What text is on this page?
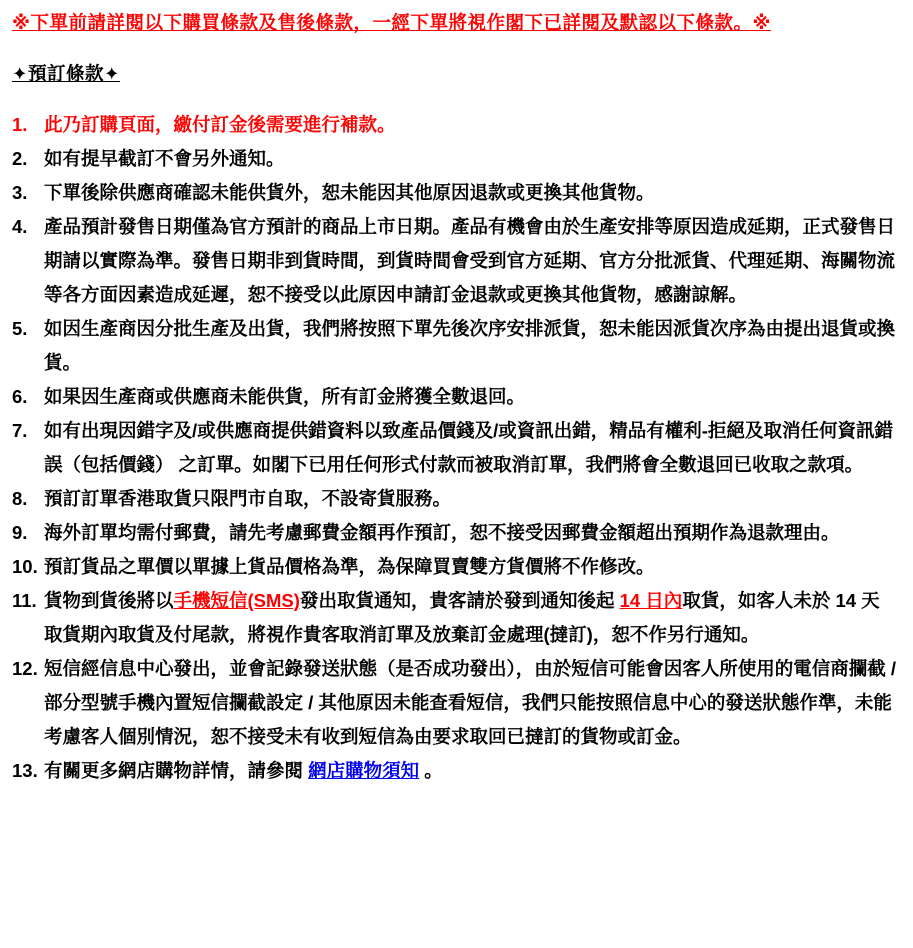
※下單前請詳閱以下購買條款及售後條款，一經下單將視作閣下已詳閱及默認以下條款。※
✦預訂條款✦
1. 此乃訂購頁面，繳付訂金後需要進行補款。
2. 如有提早截訂不會另外通知。
3. 下單後除供應商確認未能供貨外，恕未能因其他原因退款或更換其他貨物。
4. 產品預計發售日期僅為官方預計的商品上市日期。產品有機會由於生產安排等原因造成延期，正式發售日期請以實際為準。發售日期非到貨時間，到貨時間會受到官方延期、官方分批派貨、代理延期、海關物流等各方面因素造成延遲，恕不接受以此原因申請訂金退款或更換其他貨物，感謝諒解。
5. 如因生產商因分批生產及出貨，我們將按照下單先後次序安排派貨，恕未能因派貨次序為由提出退貨或換貨。
6. 如果因生產商或供應商未能供貨，所有訂金將獲全數退回。
7. 如有出現因錯字及/或供應商提供錯資料以致產品價錢及/或資訊出錯，精品有權利-拒絕及取消任何資訊錯誤（包括價錢） 之訂單。如閣下已用任何形式付款而被取消訂單，我們將會全數退回已收取之款項。
8. 預訂訂單香港取貨只限門市自取，不設寄貨服務。
9. 海外訂單均需付郵費，請先考慮郵費金額再作預訂，恕不接受因郵費金額超出預期作為退款理由。
10. 預訂貨品之單價以單據上貨品價格為準，為保障買賣雙方貨價將不作修改。
11. 貨物到貨後將以手機短信(SMS)發出取貨通知，貴客請於發到通知後起 14 日內取貨，如客人未於 14 天取貨期內取貨及付尾款，將視作貴客取消訂單及放棄訂金處理(撻訂)，恕不作另行通知。
12. 短信經信息中心發出，並會記錄發送狀態（是否成功發出），由於短信可能會因客人所使用的電信商攔截 / 部分型號手機內置短信攔截設定 / 其他原因未能查看短信，我們只能按照信息中心的發送狀態作準，未能考慮客人個別情況，恕不接受未有收到短信為由要求取回已撻訂的貨物或訂金。
13. 有關更多網店購物詳情，請參閱 網店購物須知 。
